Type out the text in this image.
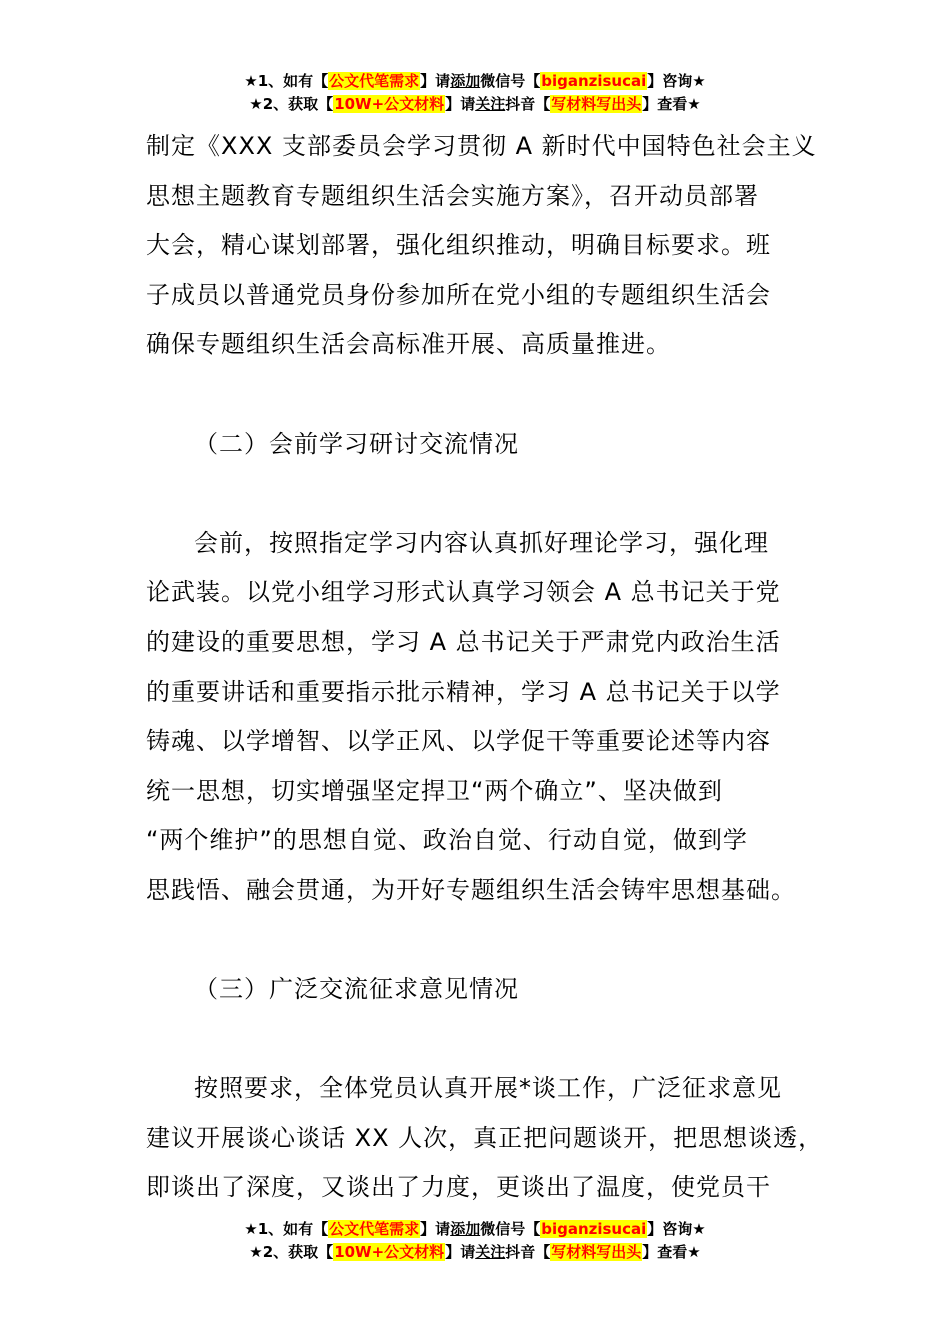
★1、如有【公文代笔需求】请添加微信号【biganzisucai】咨询★
★2、获取【10W+公文材料】请关注抖音【写材料写出头】查看★

制定《XXX 支部委员会学习贯彻 A 新时代中国特色社会主义

思想主题教育专题组织生活会实施方案》，召开动员部署

大会，精心谋划部署，强化组织推动，明确目标要求。班

子成员以普通党员身份参加所在党小组的专题组织生活会

确保专题组织生活会高标准开展、高质量推进。

（二）会前学习研讨交流情况

会前，按照指定学习内容认真抓好理论学习，强化理

论武装。以党小组学习形式认真学习领会 A 总书记关于党

的建设的重要思想，学习 A 总书记关于严肃党内政治生活

的重要讲话和重要指示批示精神，学习 A 总书记关于以学

铸魂、以学增智、以学正风、以学促干等重要论述等内容

统一思想，切实增强坚定捍卫“两个确立”、坚决做到

“两个维护”的思想自觉、政治自觉、行动自觉，做到学

思践悟、融会贯通，为开好专题组织生活会铸牢思想基础。

（三）广泛交流征求意见情况

按照要求，全体党员认真开展*谈工作，广泛征求意见

建议开展谈心谈话 XX 人次，真正把问题谈开，把思想谈透，

即谈出了深度，又谈出了力度，更谈出了温度，使党员干

★1、如有【公文代笔需求】请添加微信号【biganzisucai】咨询★
★2、获取【10W+公文材料】请关注抖音【写材料写出头】查看★
